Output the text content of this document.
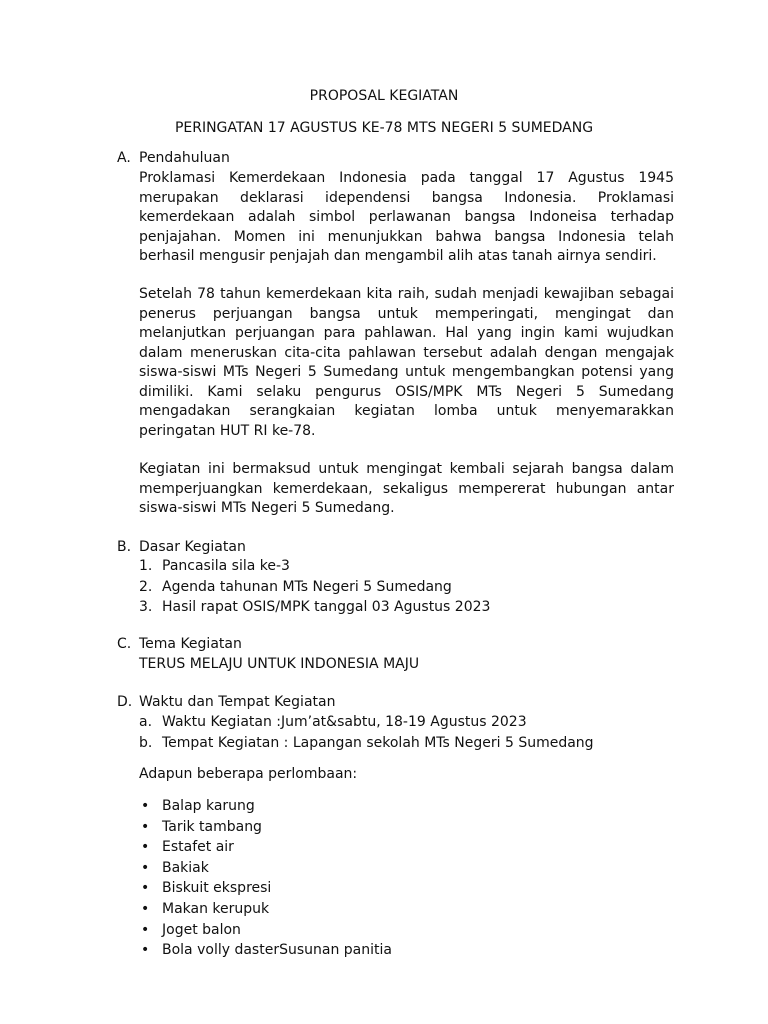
PROPOSAL KEGIATAN
PERINGATAN 17 AGUSTUS KE-78 MTS NEGERI 5 SUMEDANG
A. Pendahuluan

Proklamasi Kemerdekaan Indonesia pada tanggal 17 Agustus 1945 merupakan deklarasi idependensi bangsa Indonesia. Proklamasi kemerdekaan adalah simbol perlawanan bangsa Indoneisa terhadap penjajahan. Momen ini menunjukkan bahwa bangsa Indonesia telah berhasil mengusir penjajah dan mengambil alih atas tanah airnya sendiri.

Setelah 78 tahun kemerdekaan kita raih, sudah menjadi kewajiban sebagai penerus perjuangan bangsa untuk memperingati, mengingat dan melanjutkan perjuangan para pahlawan. Hal yang ingin kami wujudkan dalam meneruskan cita-cita pahlawan tersebut adalah dengan mengajak siswa-siswi MTs Negeri 5 Sumedang untuk mengembangkan potensi yang dimiliki. Kami selaku pengurus OSIS/MPK MTs Negeri 5 Sumedang mengadakan serangkaian kegiatan lomba untuk menyemarakkan peringatan HUT RI ke-78.

Kegiatan ini bermaksud untuk mengingat kembali sejarah bangsa dalam memperjuangkan kemerdekaan, sekaligus mempererat hubungan antar siswa-siswi MTs Negeri 5 Sumedang.

B. Dasar Kegiatan
1. Pancasila sila ke-3
2. Agenda tahunan MTs Negeri 5 Sumedang
3. Hasil rapat OSIS/MPK tanggal 03 Agustus 2023
C. Tema Kegiatan
TERUS MELAJU UNTUK INDONESIA MAJU
D. Waktu dan Tempat Kegiatan
a. Waktu Kegiatan :Jum’at&sabtu, 18-19 Agustus 2023
b. Tempat Kegiatan : Lapangan sekolah MTs Negeri 5 Sumedang
Adapun beberapa perlombaan:
• Balap karung
• Tarik tambang
• Estafet air
• Bakiak
• Biskuit ekspresi
• Makan kerupuk
• Joget balon
• Bola volly dasterSusunan panitia
